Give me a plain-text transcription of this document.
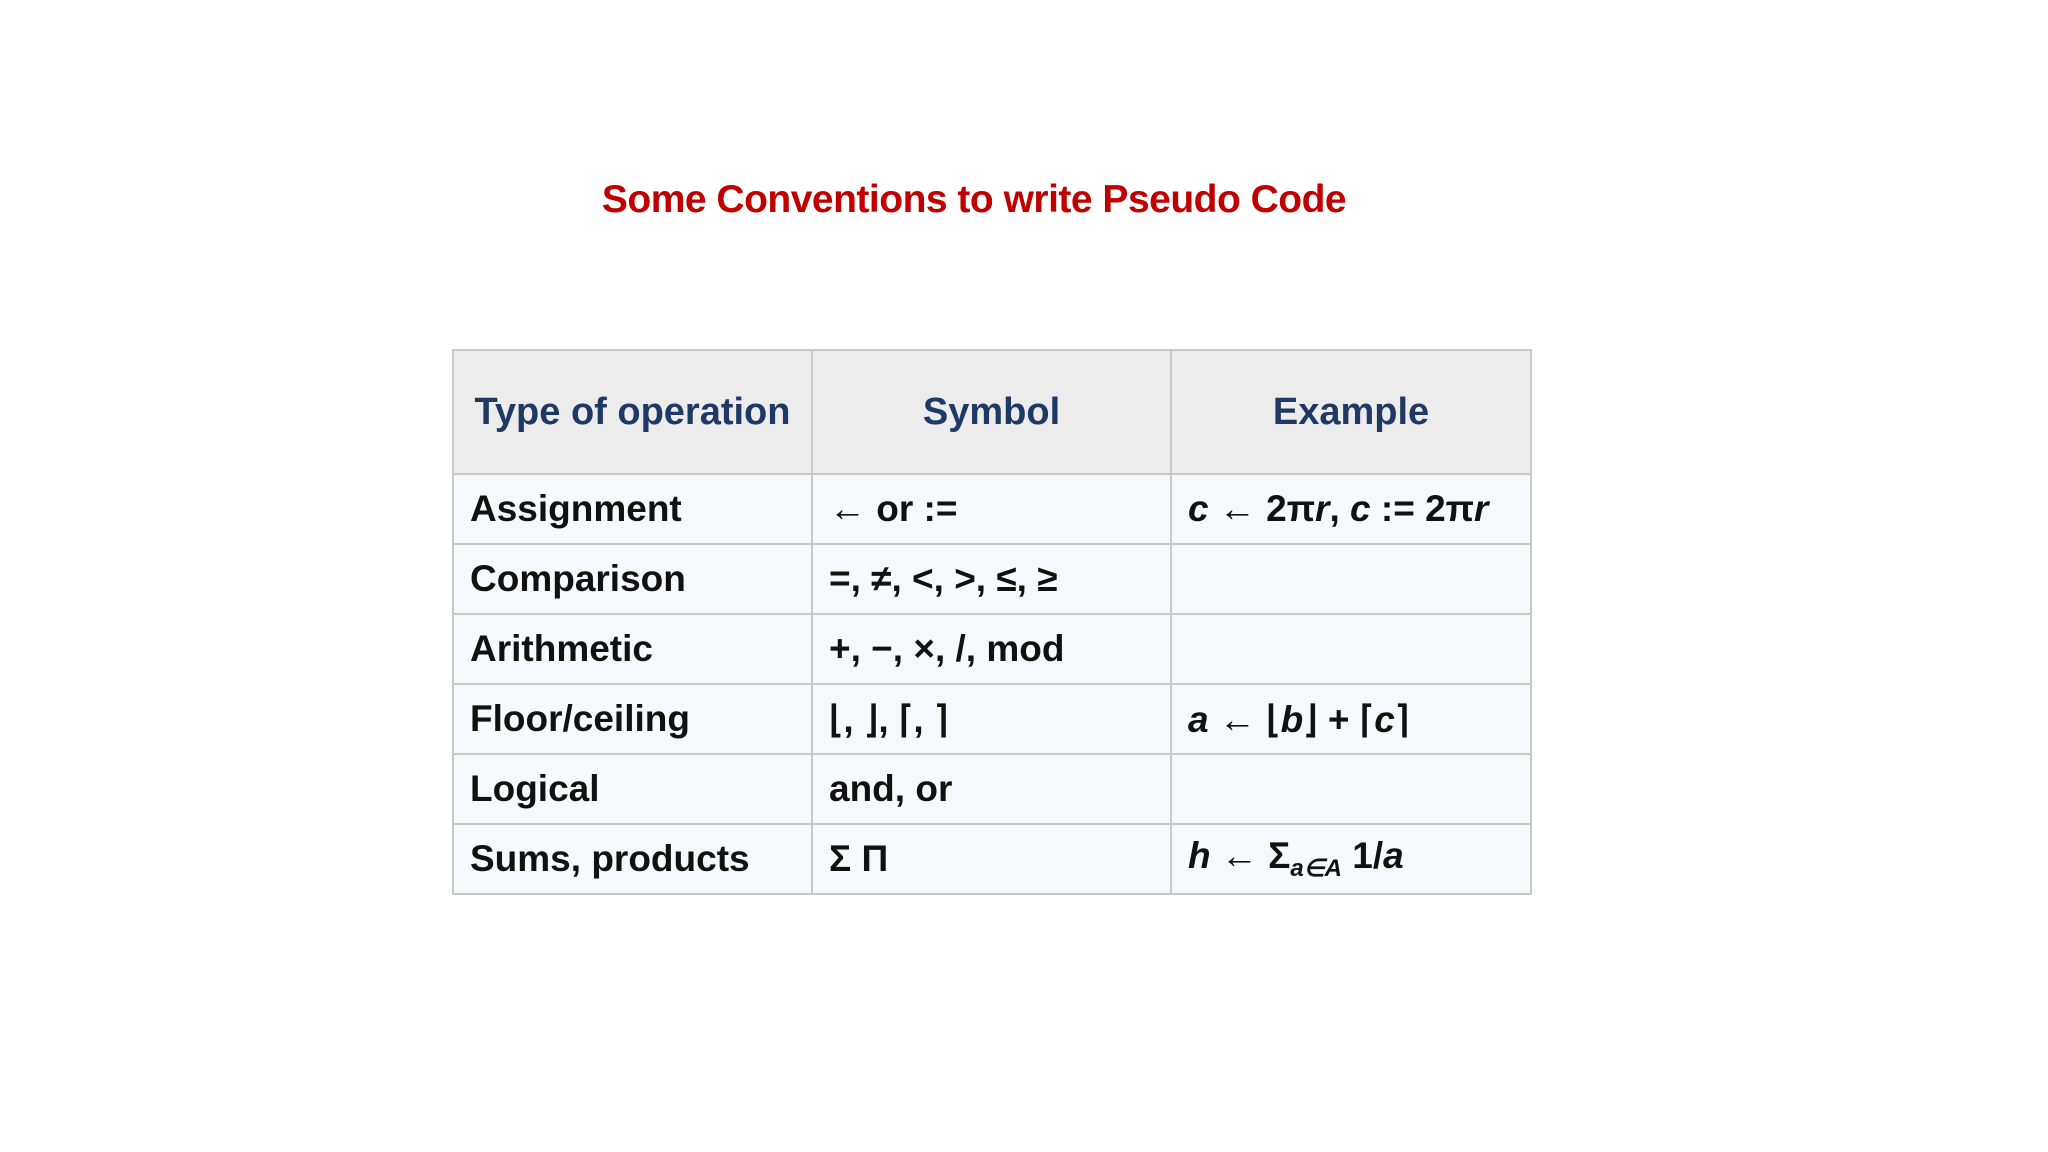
Some Conventions to write Pseudo Code
Type of operation	Symbol	Example
Assignment	← or :=	c ← 2πr, c := 2πr
Comparison	=, ≠, <, >, ≤, ≥	
Arithmetic	+, −, ×, /, mod	
Floor/ceiling	⌊, ⌋, ⌈, ⌉	a ← ⌊b⌋ + ⌈c⌉
Logical	and, or	
Sums, products	Σ Π	h ← $\Sigma_{a\in A}$ 1/a
